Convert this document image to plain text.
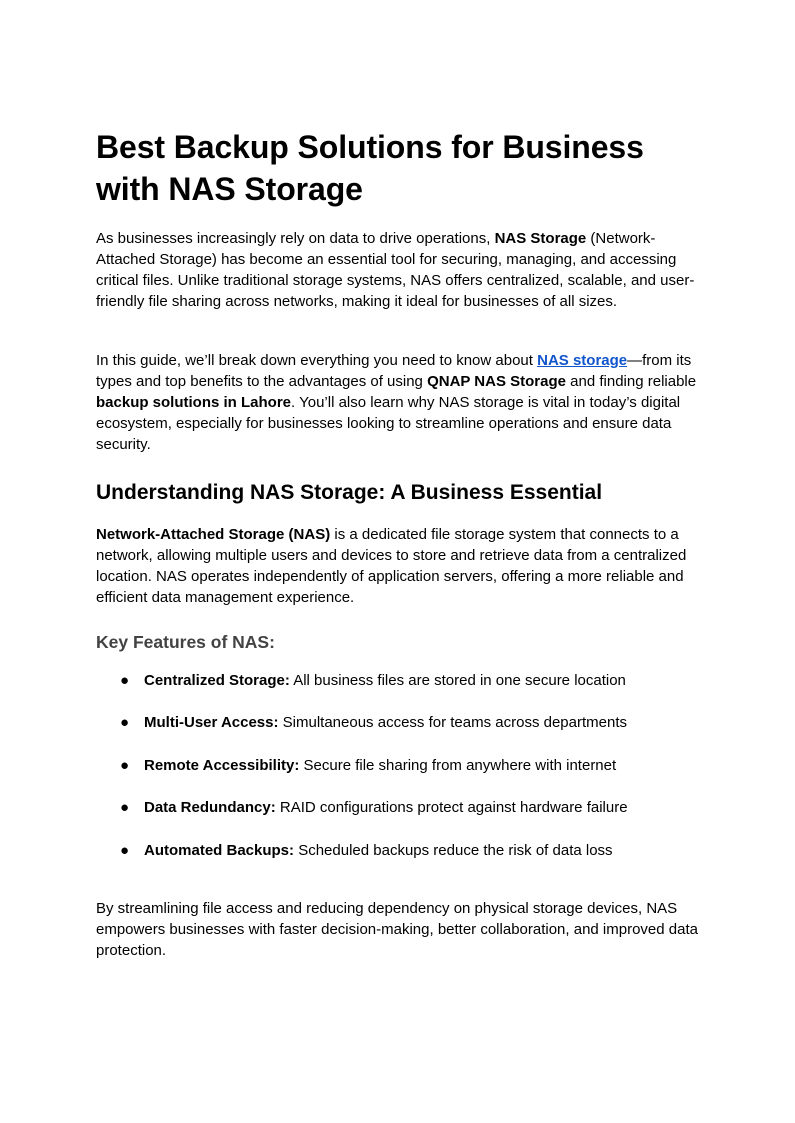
Best Backup Solutions for Business with NAS Storage

As businesses increasingly rely on data to drive operations, NAS Storage (Network-Attached Storage) has become an essential tool for securing, managing, and accessing critical files. Unlike traditional storage systems, NAS offers centralized, scalable, and user-friendly file sharing across networks, making it ideal for businesses of all sizes.

In this guide, we’ll break down everything you need to know about NAS storage—from its types and top benefits to the advantages of using QNAP NAS Storage and finding reliable backup solutions in Lahore. You’ll also learn why NAS storage is vital in today’s digital ecosystem, especially for businesses looking to streamline operations and ensure data security.

Understanding NAS Storage: A Business Essential

Network-Attached Storage (NAS) is a dedicated file storage system that connects to a network, allowing multiple users and devices to store and retrieve data from a centralized location. NAS operates independently of application servers, offering a more reliable and efficient data management experience.

Key Features of NAS:
● Centralized Storage: All business files are stored in one secure location
● Multi-User Access: Simultaneous access for teams across departments
● Remote Accessibility: Secure file sharing from anywhere with internet
● Data Redundancy: RAID configurations protect against hardware failure
● Automated Backups: Scheduled backups reduce the risk of data loss

By streamlining file access and reducing dependency on physical storage devices, NAS empowers businesses with faster decision-making, better collaboration, and improved data protection.
